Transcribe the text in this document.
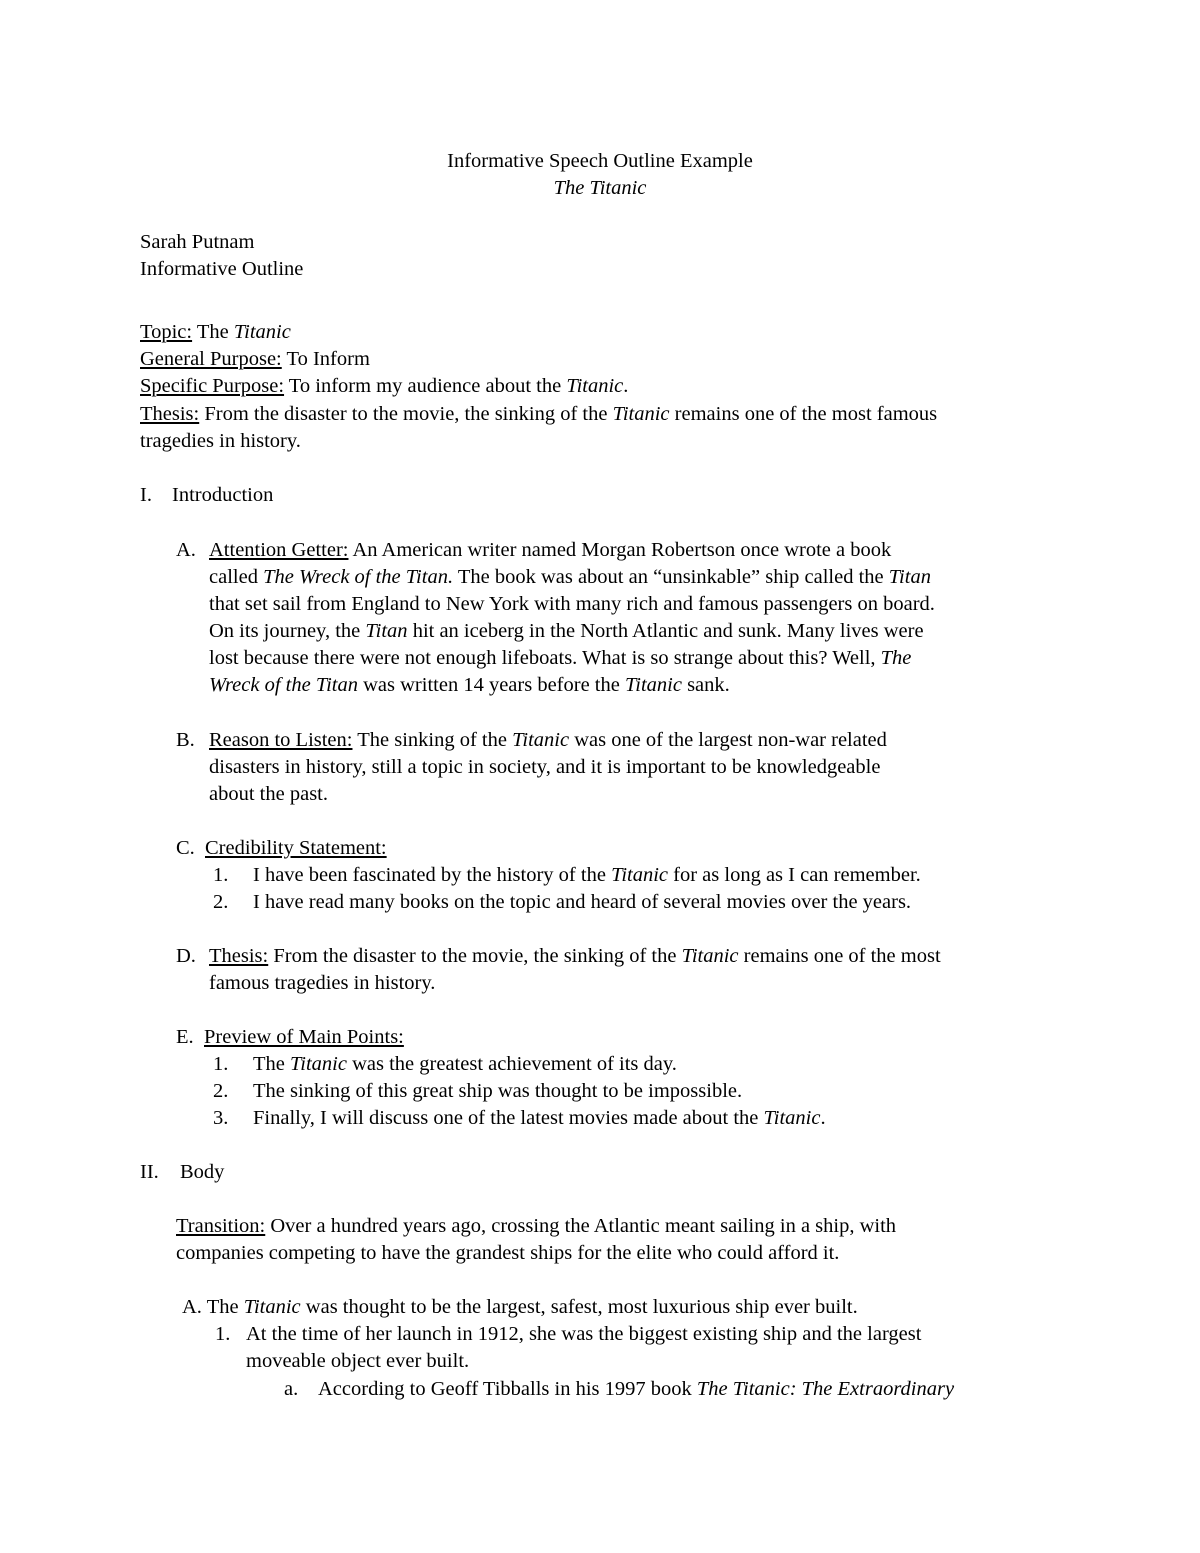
Informative Speech Outline Example
The Titanic
Sarah Putnam
Informative Outline
Topic: The Titanic
General Purpose: To Inform
Specific Purpose: To inform my audience about the Titanic.
Thesis: From the disaster to the movie, the sinking of the Titanic remains one of the most famous
tragedies in history.
I. Introduction
A. Attention Getter: An American writer named Morgan Robertson once wrote a book
called The Wreck of the Titan. The book was about an “unsinkable” ship called the Titan
that set sail from England to New York with many rich and famous passengers on board.
On its journey, the Titan hit an iceberg in the North Atlantic and sunk. Many lives were
lost because there were not enough lifeboats. What is so strange about this? Well, The
Wreck of the Titan was written 14 years before the Titanic sank.
B. Reason to Listen: The sinking of the Titanic was one of the largest non-war related
disasters in history, still a topic in society, and it is important to be knowledgeable
about the past.
C. Credibility Statement:
1. I have been fascinated by the history of the Titanic for as long as I can remember.
2. I have read many books on the topic and heard of several movies over the years.
D. Thesis: From the disaster to the movie, the sinking of the Titanic remains one of the most
famous tragedies in history.
E. Preview of Main Points:
1. The Titanic was the greatest achievement of its day.
2. The sinking of this great ship was thought to be impossible.
3. Finally, I will discuss one of the latest movies made about the Titanic.
II. Body
Transition: Over a hundred years ago, crossing the Atlantic meant sailing in a ship, with
companies competing to have the grandest ships for the elite who could afford it.
A. The Titanic was thought to be the largest, safest, most luxurious ship ever built.
1. At the time of her launch in 1912, she was the biggest existing ship and the largest
moveable object ever built.
a. According to Geoff Tibballs in his 1997 book The Titanic: The Extraordinary
